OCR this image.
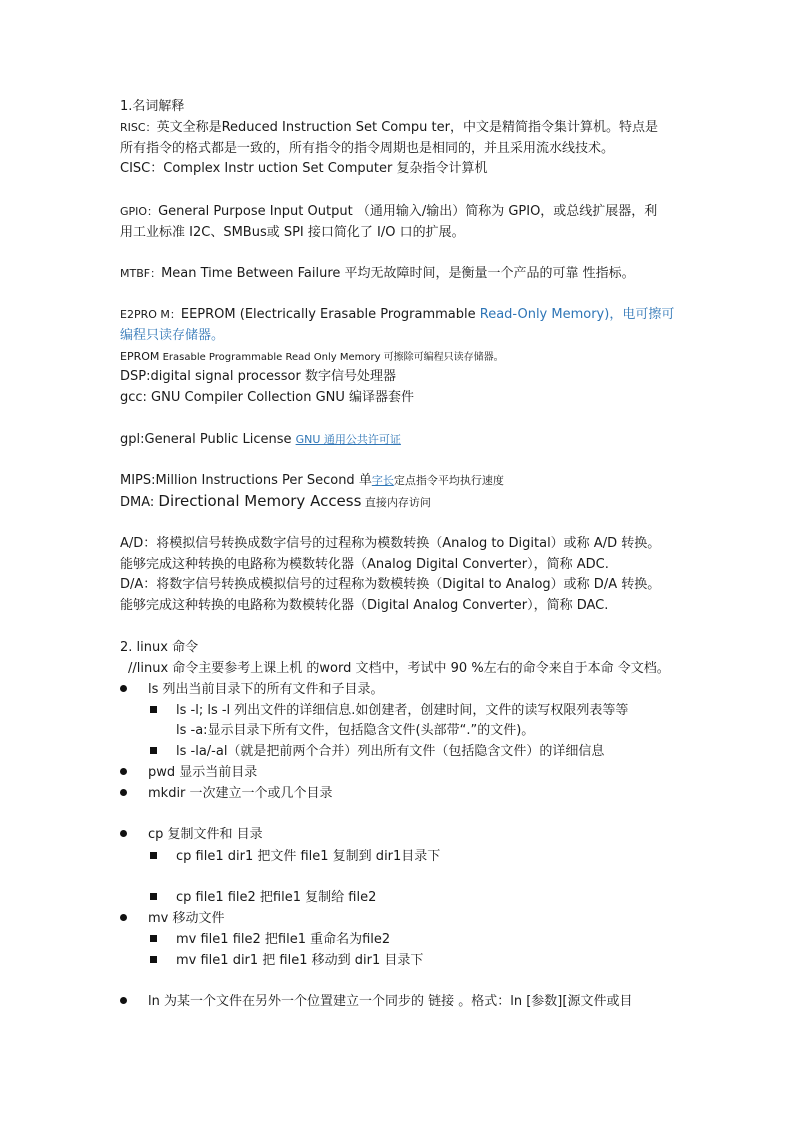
1.名词解释
RISC：英文全称是Reduced Instruction Set Compu ter，中文是精简指令集计算机。特点是
所有指令的格式都是一致的，所有指令的指令周期也是相同的，并且采用流水线技术。
CISC：Complex Instr uction Set Computer 复杂指令计算机
GPIO：General Purpose Input Output （通用输入/输出）简称为 GPIO，或总线扩展器，利
用工业标准 I2C、SMBus或 SPI 接口简化了 I/O 口的扩展。
MTBF：Mean Time Between Failure 平均无故障时间，是衡量一个产品的可靠 性指标。
E2PRO M：EEPROM (Electrically Erasable Programmable Read-Only Memory)，电可擦可
编程只读存储器。
EPROM Erasable Programmable Read Only Memory 可擦除可编程只读存储器。
DSP:digital signal processor 数字信号处理器
gcc: GNU Compiler Collection GNU 编译器套件
gpl:General Public License GNU 通用公共许可证
MIPS:Million Instructions Per Second 单字长定点指令平均执行速度
DMA: Directional Memory Access 直接内存访问
A/D：将模拟信号转换成数字信号的过程称为模数转换（Analog to Digital）或称 A/D 转换。
能够完成这种转换的电路称为模数转化器（Analog Digital Converter），简称 ADC.
D/A：将数字信号转换成模拟信号的过程称为数模转换（Digital to Analog）或称 D/A 转换。
能够完成这种转换的电路称为数模转化器（Digital Analog Converter），简称 DAC.
2. linux 命令
//linux 命令主要参考上课上机 的word 文档中，考试中 90 %左右的命令来自于本命 令文档。
ls 列出当前目录下的所有文件和子目录。
ls -l; ls -l 列出文件的详细信息.如创建者，创建时间，文件的读写权限列表等等
ls -a:显示目录下所有文件，包括隐含文件(头部带“.”的文件)。
ls -la/-al（就是把前两个合并）列出所有文件（包括隐含文件）的详细信息
pwd 显示当前目录
mkdir 一次建立一个或几个目录
cp 复制文件和 目录
cp file1 dir1 把文件 file1 复制到 dir1目录下
cp file1 file2 把file1 复制给 file2
mv 移动文件
mv file1 file2 把file1 重命名为file2
mv file1 dir1 把 file1 移动到 dir1 目录下
ln 为某一个文件在另外一个位置建立一个同步的 链接 。格式：ln [参数][源文件或目
